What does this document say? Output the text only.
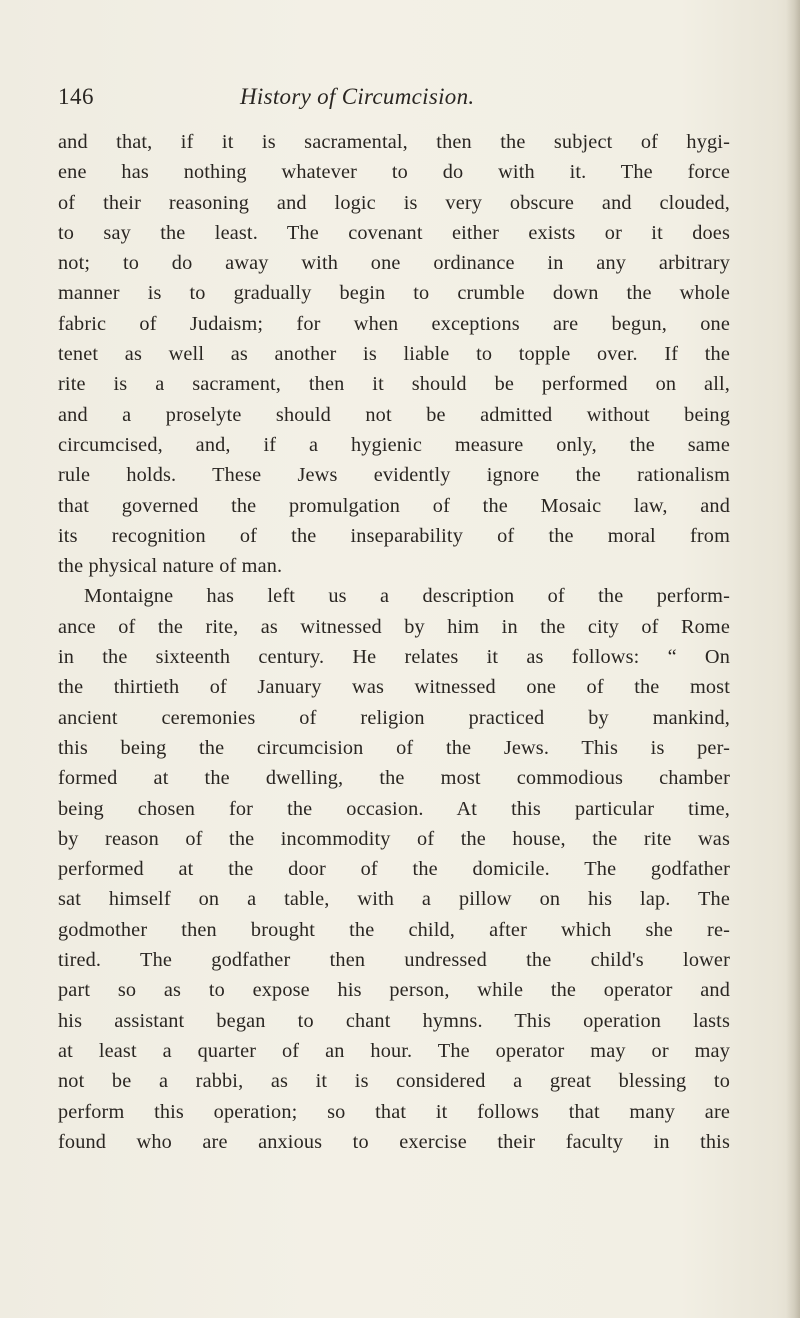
146	History of Circumcision.
and that, if it is sacramental, then the subject of hygi-
ene has nothing whatever to do with it. The force
of their reasoning and logic is very obscure and clouded,
to say the least. The covenant either exists or it does
not; to do away with one ordinance in any arbitrary
manner is to gradually begin to crumble down the whole
fabric of Judaism; for when exceptions are begun, one
tenet as well as another is liable to topple over. If the
rite is a sacrament, then it should be performed on all,
and a proselyte should not be admitted without being
circumcised, and, if a hygienic measure only, the same
rule holds. These Jews evidently ignore the rationalism
that governed the promulgation of the Mosaic law, and
its recognition of the inseparability of the moral from
the physical nature of man.
Montaigne has left us a description of the perform-
ance of the rite, as witnessed by him in the city of Rome
in the sixteenth century. He relates it as follows: “ On
the thirtieth of January was witnessed one of the most
ancient ceremonies of religion practiced by mankind,
this being the circumcision of the Jews. This is per-
formed at the dwelling, the most commodious chamber
being chosen for the occasion. At this particular time,
by reason of the incommodity of the house, the rite was
performed at the door of the domicile. The godfather
sat himself on a table, with a pillow on his lap. The
godmother then brought the child, after which she re-
tired. The godfather then undressed the child's lower
part so as to expose his person, while the operator and
his assistant began to chant hymns. This operation lasts
at least a quarter of an hour. The operator may or may
not be a rabbi, as it is considered a great blessing to
perform this operation; so that it follows that many are
found who are anxious to exercise their faculty in this
